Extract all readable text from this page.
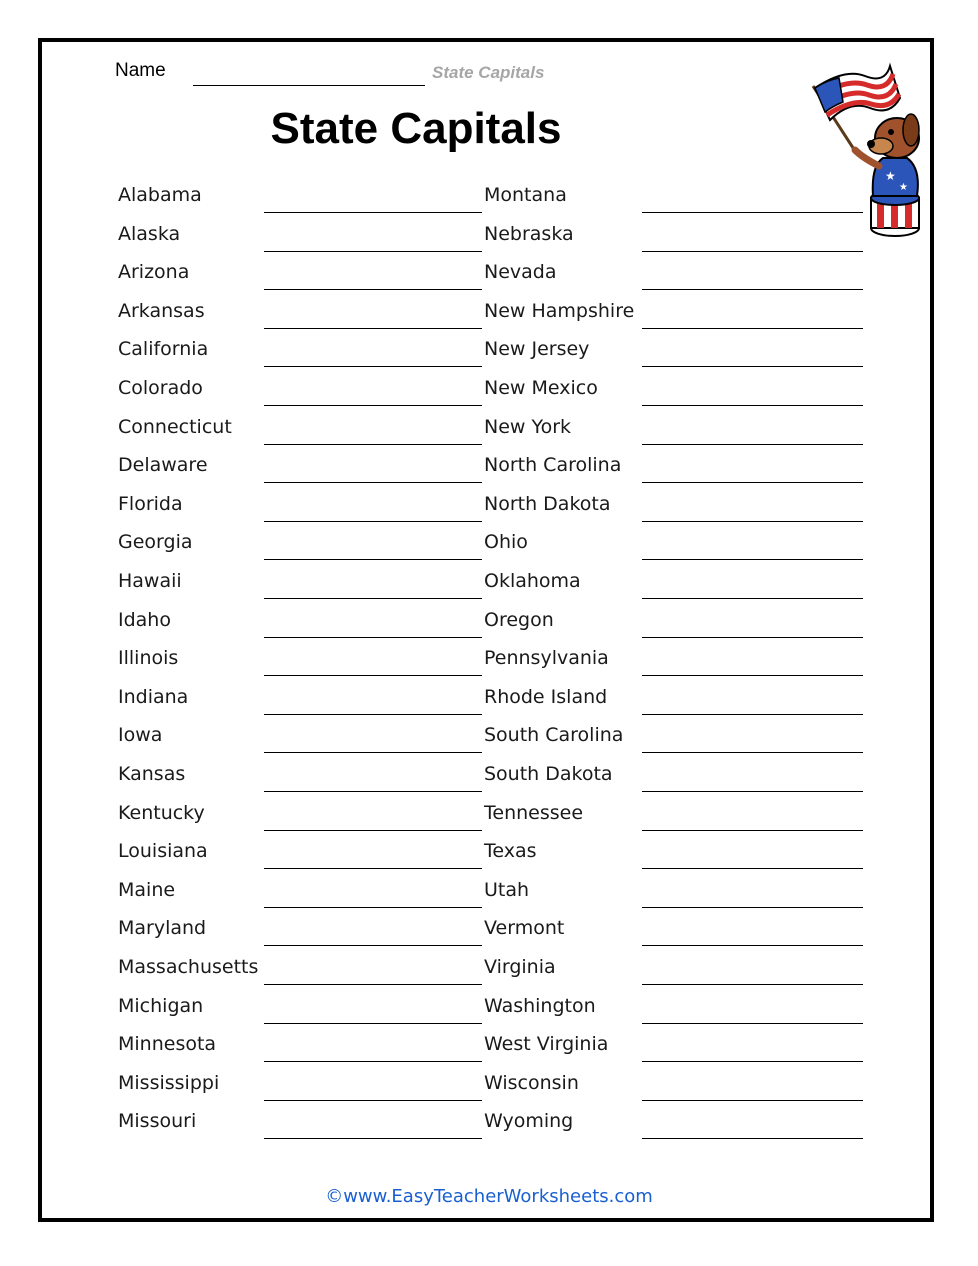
Name	State Capitals
State Capitals
★
★
Alabama
Alaska
Arizona
Arkansas
California
Colorado
Connecticut
Delaware
Florida
Georgia
Hawaii
Idaho
Illinois
Indiana
Iowa
Kansas
Kentucky
Louisiana
Maine
Maryland
Massachusetts
Michigan
Minnesota
Mississippi
Missouri
Montana
Nebraska
Nevada
New Hampshire
New Jersey
New Mexico
New York
North Carolina
North Dakota
Ohio
Oklahoma
Oregon
Pennsylvania
Rhode Island
South Carolina
South Dakota
Tennessee
Texas
Utah
Vermont
Virginia
Washington
West Virginia
Wisconsin
Wyoming
©www.EasyTeacherWorksheets.com
